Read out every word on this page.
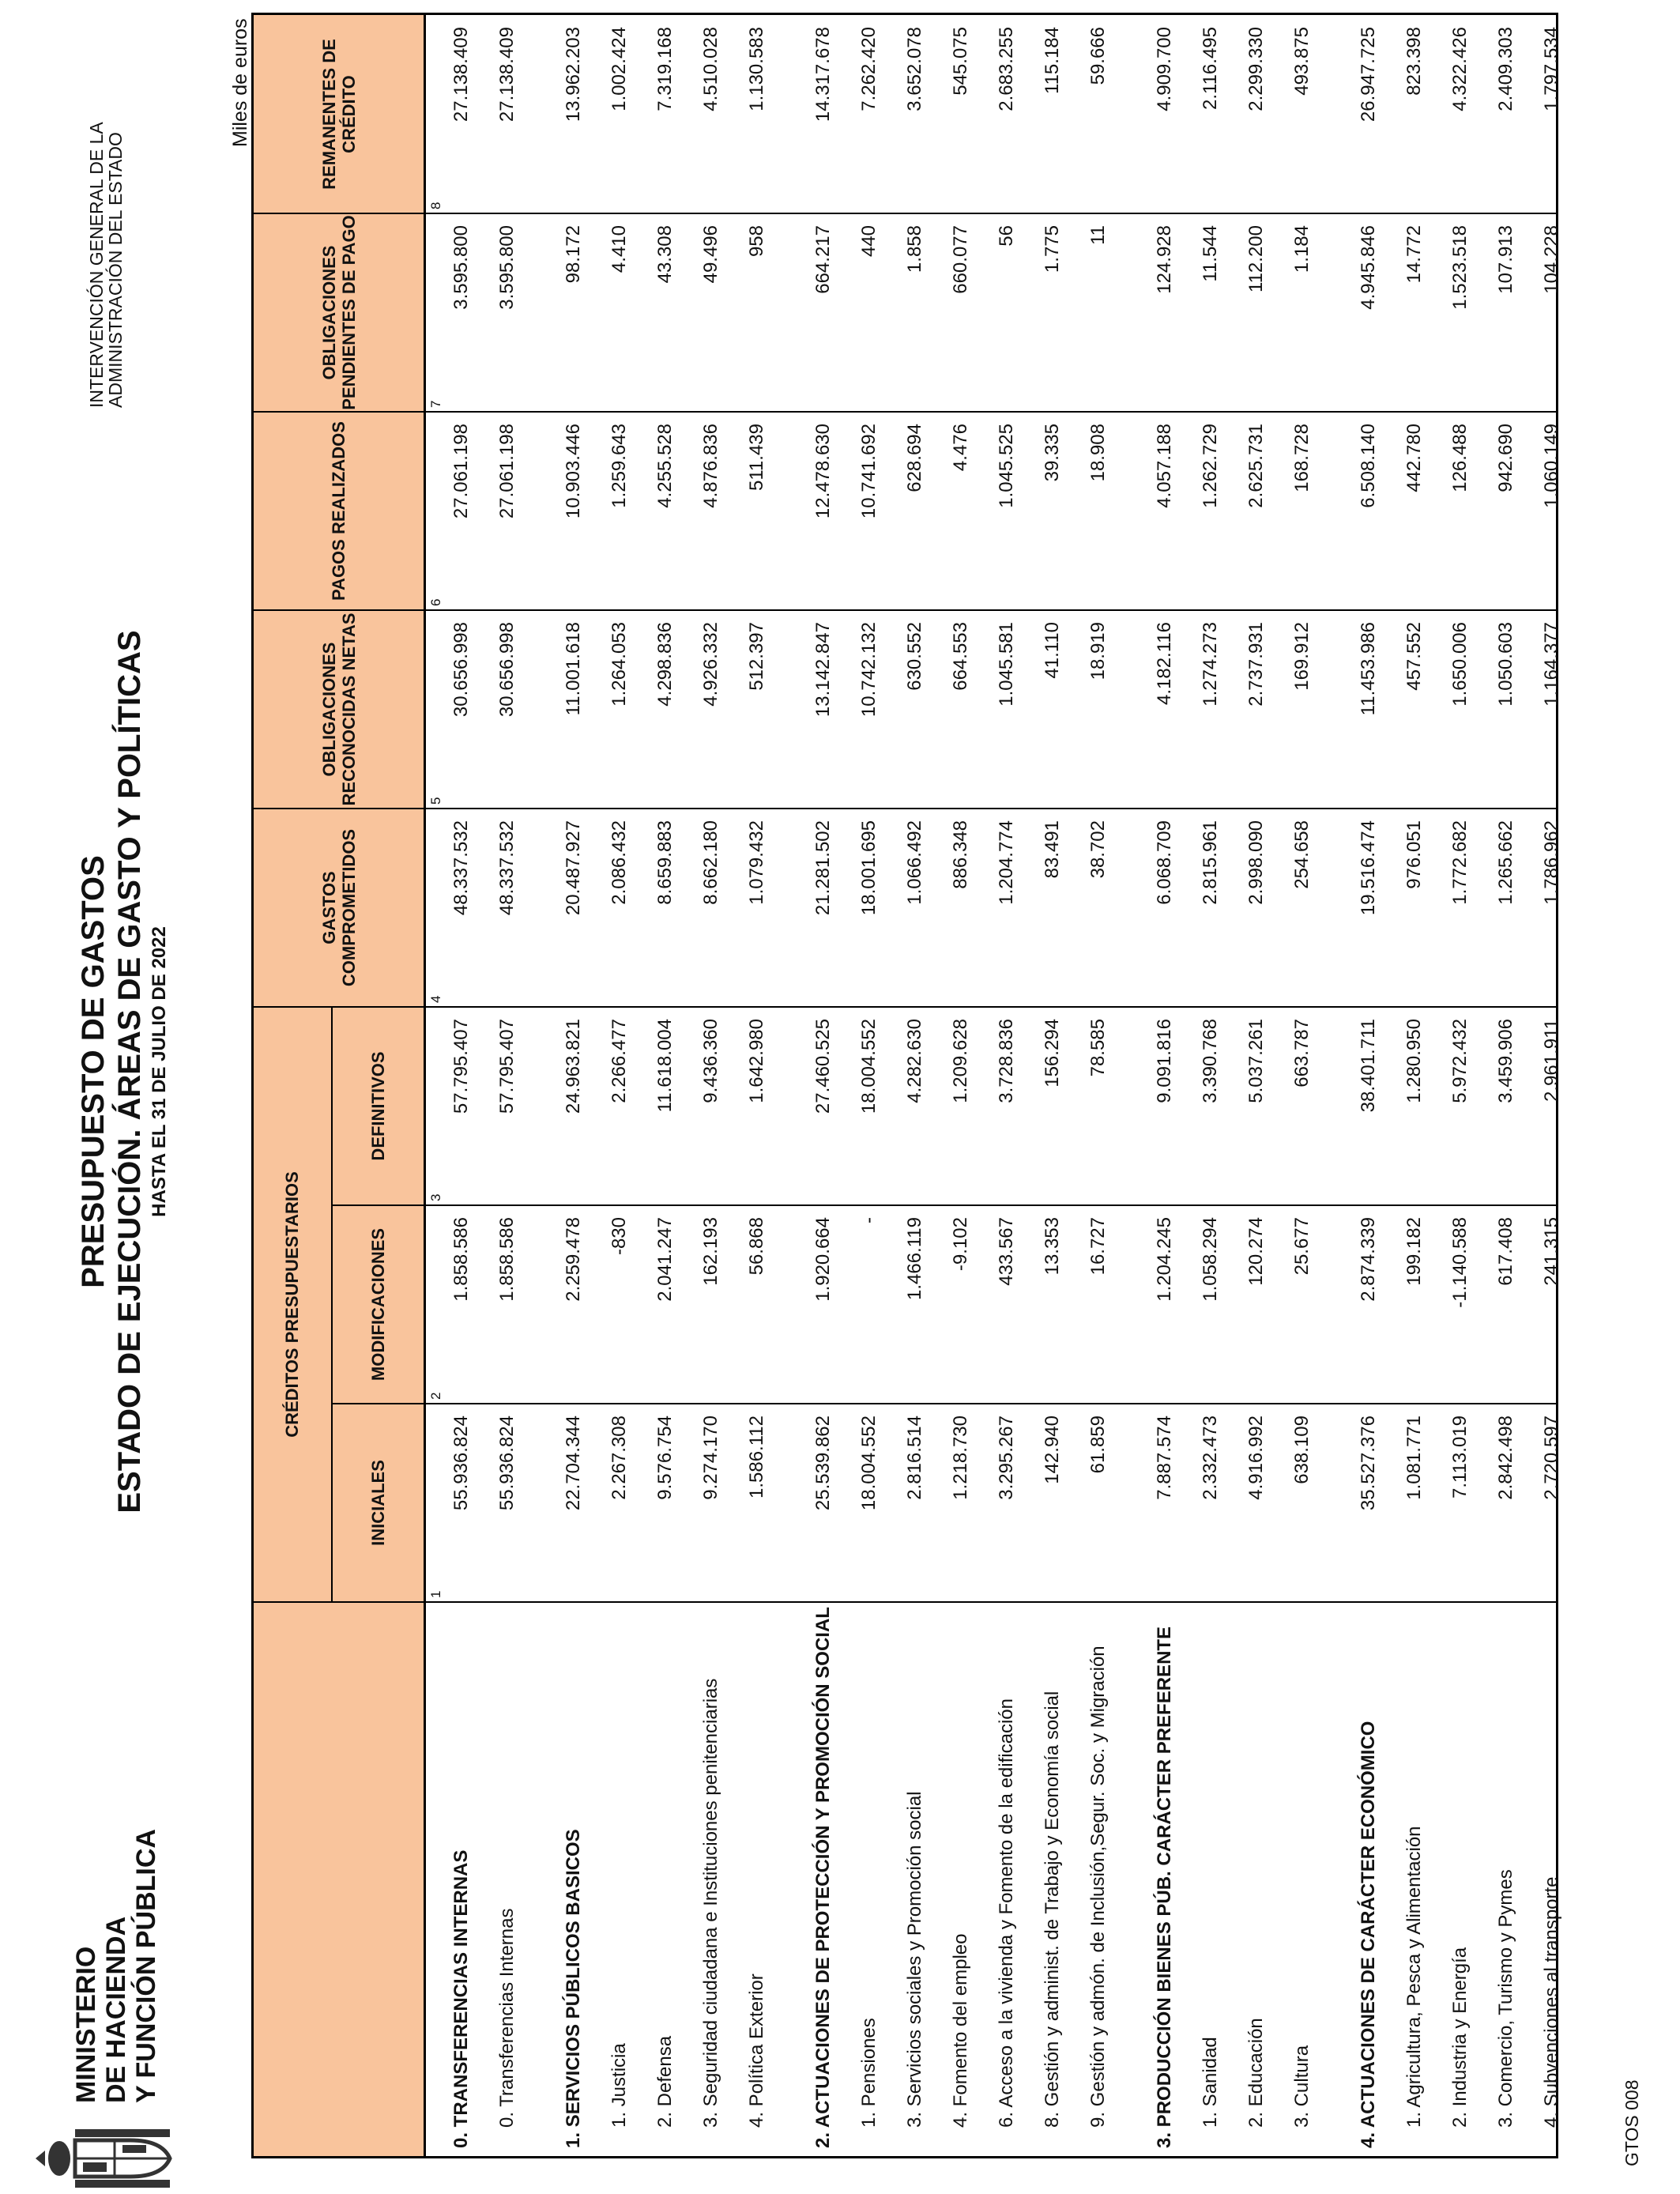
MINISTERIO DE HACIENDA Y FUNCIÓN PÚBLICA
PRESUPUESTO DE GASTOS ESTADO DE EJECUCIÓN. ÁREAS DE GASTO Y POLÍTICAS HASTA EL 31 DE JULIO DE 2022
INTERVENCIÓN GENERAL DE LA
ADMINISTRACIÓN DEL ESTADO
Miles de euros
CRÉDITOS PRESUPUESTARIOS
INICIALES
MODIFICACIONES
DEFINITIVOS
GASTOS COMPROMETIDOS
OBLIGACIONES RECONOCIDAS NETAS
PAGOS REALIZADOS
OBLIGACIONES PENDIENTES DE PAGO
REMANENTES DE CRÉDITO
1
2
3
4
5
6
7
8
0. TRANSFERENCIAS INTERNAS
55.936.824
1.858.586
57.795.407
48.337.532
30.656.998
27.061.198
3.595.800
27.138.409
0. Transferencias Internas
55.936.824
1.858.586
57.795.407
48.337.532
30.656.998
27.061.198
3.595.800
27.138.409
1. SERVICIOS PÚBLICOS BASICOS
22.704.344
2.259.478
24.963.821
20.487.927
11.001.618
10.903.446
98.172
13.962.203
1. Justicia
2.267.308
-830
2.266.477
2.086.432
1.264.053
1.259.643
4.410
1.002.424
2. Defensa
9.576.754
2.041.247
11.618.004
8.659.883
4.298.836
4.255.528
43.308
7.319.168
3. Seguridad ciudadana e Instituciones penitenciarias
9.274.170
162.193
9.436.360
8.662.180
4.926.332
4.876.836
49.496
4.510.028
4. Política Exterior
1.586.112
56.868
1.642.980
1.079.432
512.397
511.439
958
1.130.583
2. ACTUACIONES DE PROTECCIÓN Y PROMOCIÓN SOCIAL
25.539.862
1.920.664
27.460.525
21.281.502
13.142.847
12.478.630
664.217
14.317.678
1. Pensiones
18.004.552
-
18.004.552
18.001.695
10.742.132
10.741.692
440
7.262.420
3. Servicios sociales y Promoción social
2.816.514
1.466.119
4.282.630
1.066.492
630.552
628.694
1.858
3.652.078
4. Fomento del empleo
1.218.730
-9.102
1.209.628
886.348
664.553
4.476
660.077
545.075
6. Acceso a la vivienda y Fomento de la edificación
3.295.267
433.567
3.728.836
1.204.774
1.045.581
1.045.525
56
2.683.255
8. Gestión y administ. de Trabajo y Economía social
142.940
13.353
156.294
83.491
41.110
39.335
1.775
115.184
9. Gestión y admón. de Inclusión,Segur. Soc. y Migración
61.859
16.727
78.585
38.702
18.919
18.908
11
59.666
3. PRODUCCIÓN BIENES PÚB. CARÁCTER PREFERENTE
7.887.574
1.204.245
9.091.816
6.068.709
4.182.116
4.057.188
124.928
4.909.700
1. Sanidad
2.332.473
1.058.294
3.390.768
2.815.961
1.274.273
1.262.729
11.544
2.116.495
2. Educación
4.916.992
120.274
5.037.261
2.998.090
2.737.931
2.625.731
112.200
2.299.330
3. Cultura
638.109
25.677
663.787
254.658
169.912
168.728
1.184
493.875
4. ACTUACIONES DE CARÁCTER ECONÓMICO
35.527.376
2.874.339
38.401.711
19.516.474
11.453.986
6.508.140
4.945.846
26.947.725
1. Agricultura, Pesca y Alimentación
1.081.771
199.182
1.280.950
976.051
457.552
442.780
14.772
823.398
2. Industria y Energía
7.113.019
-1.140.588
5.972.432
1.772.682
1.650.006
126.488
1.523.518
4.322.426
3. Comercio, Turismo y Pymes
2.842.498
617.408
3.459.906
1.265.662
1.050.603
942.690
107.913
2.409.303
4. Subvenciones al transporte
2.720.597
241.315
2.961.911
1.786.962
1.164.377
1.060.149
104.228
1.797.534
GTOS 008
